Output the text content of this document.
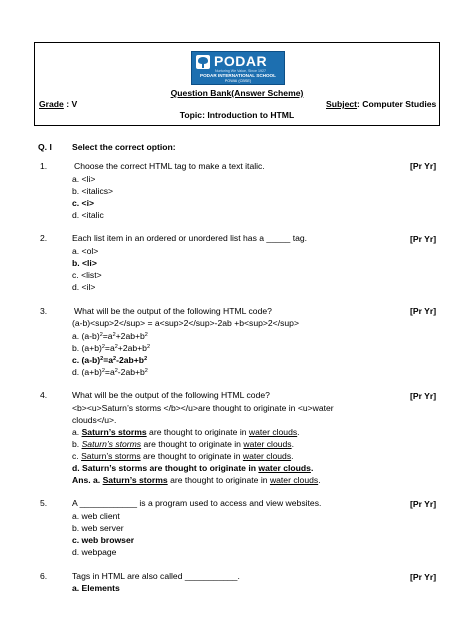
PODAR
Nurturing We Value, Since 1927
PODAR INTERNATIONAL SCHOOL
POWAI (CBSE)
Question Bank(Answer Scheme)
Grade : V	Subject: Computer Studies
Topic: Introduction to HTML
Q. I Select the correct option:
1.	Choose the correct HTML tag to make a text italic.	[Pr Yr]
a. <li>
b. <italics>
c. <i>
d. <italic
2.	Each list item in an ordered or unordered list has a _____ tag.	[Pr Yr]
a. <ol>
b. <li>
c. <list>
d. <il>
3.	What will be the output of the following HTML code?	[Pr Yr]
(a-b)<sup>2</sup> = a<sup>2</sup>-2ab +b<sup>2</sup>
a. $(a-b)^2=a^2+2ab+b^2$
b. $(a+b)^2=a^2+2ab+b^2$
c. $(a-b)^2=a^2-2ab+b^2$
d. $(a+b)^2=a^2-2ab+b^2$
4.	What will be the output of the following HTML code?	[Pr Yr]
<b><u>Saturn’s storms </b></u>are thought to originate in <u>water
clouds</u>.
a. Saturn’s storms are thought to originate in water clouds.
b. Saturn’s storms are thought to originate in water clouds.
c. Saturn’s storms are thought to originate in water clouds.
d. Saturn’s storms are thought to originate in water clouds.
Ans. a. Saturn’s storms are thought to originate in water clouds.
5.	A ____________ is a program used to access and view websites.	[Pr Yr]
a. web client
b. web server
c. web browser
d. webpage
6.	Tags in HTML are also called ___________.	[Pr Yr]
a. Elements
